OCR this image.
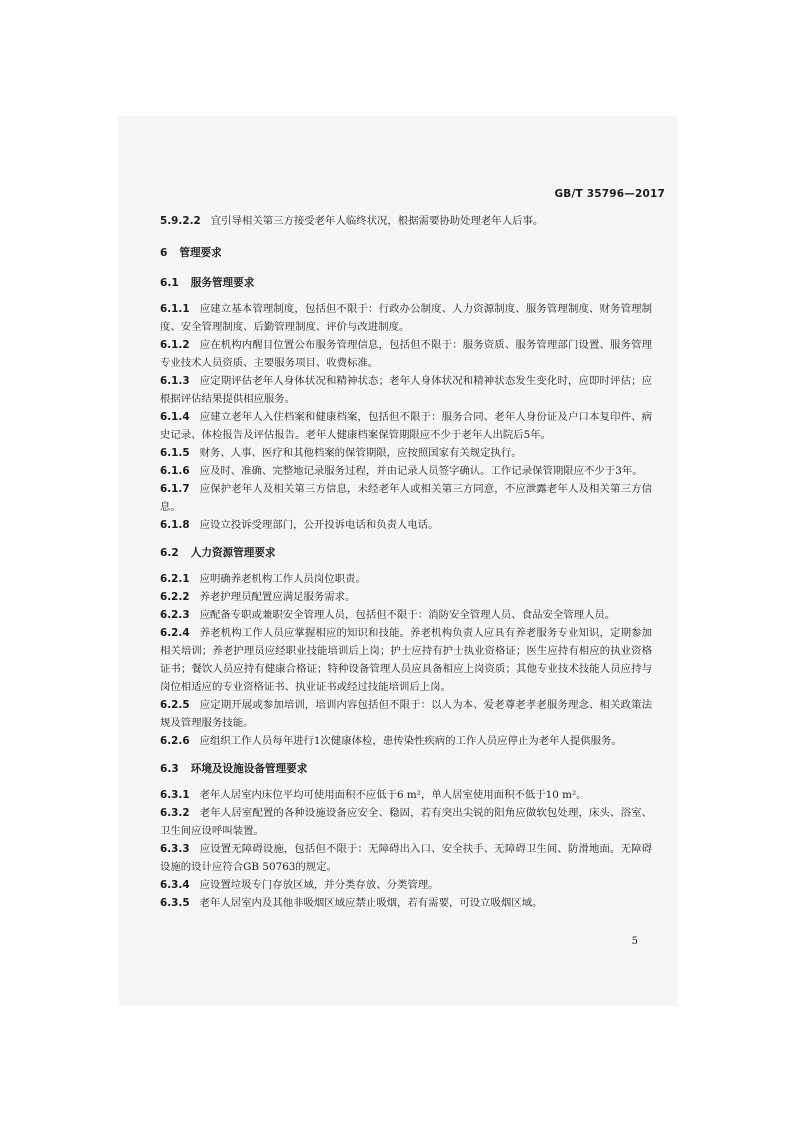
GB/T 35796—2017

5.9.2.2 宜引导相关第三方接受老年人临终状况，根据需要协助处理老年人后事。

6 管理要求
6.1 服务管理要求

6.1.1 应建立基本管理制度，包括但不限于：行政办公制度、人力资源制度、服务管理制度、财务管理制度、安全管理制度、后勤管理制度、评价与改进制度。

6.1.2 应在机构内醒目位置公布服务管理信息，包括但不限于：服务资质、服务管理部门设置、服务管理专业技术人员资质、主要服务项目、收费标准。

6.1.3 应定期评估老年人身体状况和精神状态；老年人身体状况和精神状态发生变化时，应即时评估；应根据评估结果提供相应服务。

6.1.4 应建立老年人入住档案和健康档案，包括但不限于：服务合同、老年人身份证及户口本复印件、病史记录、体检报告及评估报告。老年人健康档案保管期限应不少于老年人出院后5年。

6.1.5 财务、人事、医疗和其他档案的保管期限，应按照国家有关规定执行。

6.1.6 应及时、准确、完整地记录服务过程，并由记录人员签字确认。工作记录保管期限应不少于3年。

6.1.7 应保护老年人及相关第三方信息，未经老年人或相关第三方同意，不应泄露老年人及相关第三方信息。

6.1.8 应设立投诉受理部门，公开投诉电话和负责人电话。

6.2 人力资源管理要求

6.2.1 应明确养老机构工作人员岗位职责。

6.2.2 养老护理员配置应满足服务需求。

6.2.3 应配备专职或兼职安全管理人员，包括但不限于：消防安全管理人员、食品安全管理人员。

6.2.4 养老机构工作人员应掌握相应的知识和技能。养老机构负责人应具有养老服务专业知识，定期参加相关培训；养老护理员应经职业技能培训后上岗；护士应持有护士执业资格证；医生应持有相应的执业资格证书；餐饮人员应持有健康合格证；特种设备管理人员应具备相应上岗资质；其他专业技术技能人员应持与岗位相适应的专业资格证书、执业证书或经过技能培训后上岗。

6.2.5 应定期开展或参加培训，培训内容包括但不限于：以人为本、爱老尊老孝老服务理念、相关政策法规及管理服务技能。

6.2.6 应组织工作人员每年进行1次健康体检，患传染性疾病的工作人员应停止为老年人提供服务。

6.3 环境及设施设备管理要求

6.3.1 老年人居室内床位平均可使用面积不应低于6 m²，单人居室使用面积不低于10 m²。

6.3.2 老年人居室配置的各种设施设备应安全、稳固，若有突出尖锐的阳角应做软包处理，床头、浴室、卫生间应设呼叫装置。

6.3.3 应设置无障碍设施，包括但不限于：无障碍出入口、安全扶手、无障碍卫生间、防滑地面。无障碍设施的设计应符合GB 50763的规定。

6.3.4 应设置垃圾专门存放区域，并分类存放、分类管理。

6.3.5 老年人居室内及其他非吸烟区域应禁止吸烟，若有需要，可设立吸烟区域。

5
